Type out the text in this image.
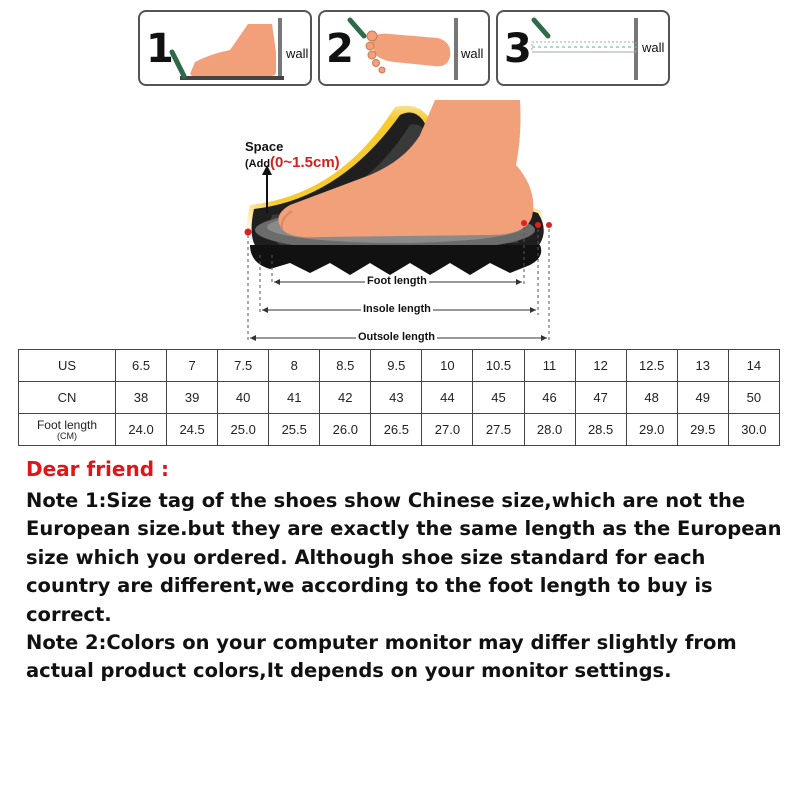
1	wall 2	wall 3	wall
Space
(Add(0~1.5cm)
Foot length
Insole length
Outsole length
US	6.5	7	7.5	8	8.5	9.5	10	10.5	11	12	12.5	13	14
CN	38	39	40	41	42	43	44	45	46	47	48	49	50

Foot length
(CM)	24.0	24.5	25.0	25.5	26.0	26.5	27.0	27.5	28.0	28.5	29.0	29.5	30.0

Dear friend :

Note 1:Size tag of the shoes show Chinese size,which are not the

European size.but they are exactly the same length as the European

size which you ordered. Although shoe size standard for each

country are different,we according to the foot length to buy is

correct.

Note 2:Colors on your computer monitor may differ slightly from

actual product colors,It depends on your monitor settings.
